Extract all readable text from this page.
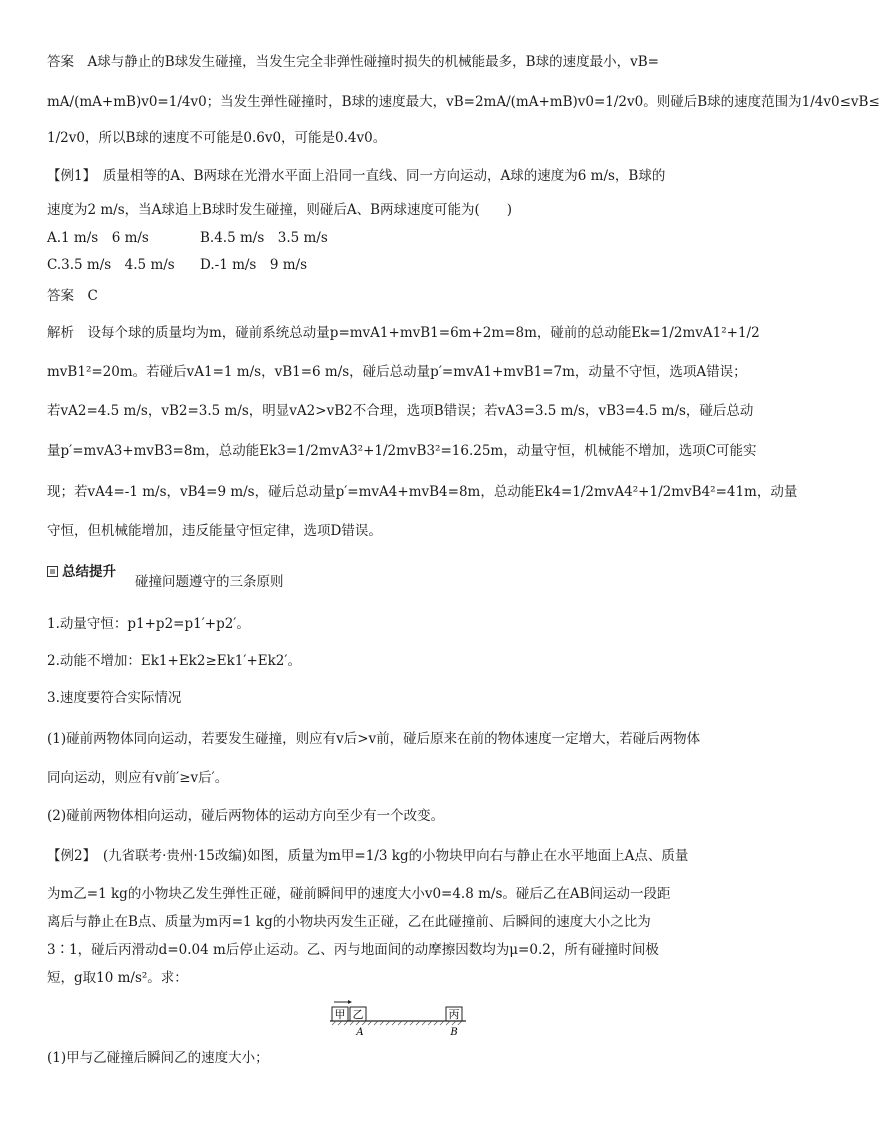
答案　A球与静止的B球发生碰撞，当发生完全非弹性碰撞时损失的机械能最多，B球的速度最小，vB=
mA/(mA+mB)v0=1/4v0；当发生弹性碰撞时，B球的速度最大，vB=2mA/(mA+mB)v0=1/2v0。则碰后B球的速度范围为1/4v0≤vB≤
1/2v0，所以B球的速度不可能是0.6v0，可能是0.4v0。
【例1】　质量相等的A、B两球在光滑水平面上沿同一直线、同一方向运动，A球的速度为6 m/s，B球的
速度为2 m/s，当A球追上B球时发生碰撞，则碰后A、B两球速度可能为(　　)
A.1 m/s　6 m/s	B.4.5 m/s　3.5 m/s
C.3.5 m/s　4.5 m/s D.-1 m/s　9 m/s
答案　C
解析　设每个球的质量均为m，碰前系统总动量p=mvA1+mvB1=6m+2m=8m，碰前的总动能Ek=1/2mvA1²+1/2
mvB1²=20m。若碰后vA1=1 m/s，vB1=6 m/s，碰后总动量p′=mvA1+mvB1=7m，动量不守恒，选项A错误；
若vA2=4.5 m/s，vB2=3.5 m/s，明显vA2>vB2不合理，选项B错误；若vA3=3.5 m/s，vB3=4.5 m/s，碰后总动
量p′=mvA3+mvB3=8m，总动能Ek3=1/2mvA3²+1/2mvB3²=16.25m，动量守恒，机械能不增加，选项C可能实
现；若vA4=-1 m/s，vB4=9 m/s，碰后总动量p′=mvA4+mvB4=8m，总动能Ek4=1/2mvA4²+1/2mvB4²=41m，动量
守恒，但机械能增加，违反能量守恒定律，选项D错误。
总结提升
碰撞问题遵守的三条原则
1.动量守恒：p1+p2=p1′+p2′。
2.动能不增加：Ek1+Ek2≥Ek1′+Ek2′。
3.速度要符合实际情况
(1)碰前两物体同向运动，若要发生碰撞，则应有v后>v前，碰后原来在前的物体速度一定增大，若碰后两物体
同向运动，则应有v前′≥v后′。
(2)碰前两物体相向运动，碰后两物体的运动方向至少有一个改变。
【例2】　(九省联考·贵州·15改编)如图，质量为m甲=1/3 kg的小物块甲向右与静止在水平地面上A点、质量
为m乙=1 kg的小物块乙发生弹性正碰，碰前瞬间甲的速度大小v0=4.8 m/s。碰后乙在AB间运动一段距
离后与静止在B点、质量为m丙=1 kg的小物块丙发生正碰，乙在此碰撞前、后瞬间的速度大小之比为
3∶1，碰后丙滑动d=0.04 m后停止运动。乙、丙与地面间的动摩擦因数均为μ=0.2，所有碰撞时间极
短，g取10 m/s²。求：
甲 乙	丙
A	B
(1)甲与乙碰撞后瞬间乙的速度大小；
